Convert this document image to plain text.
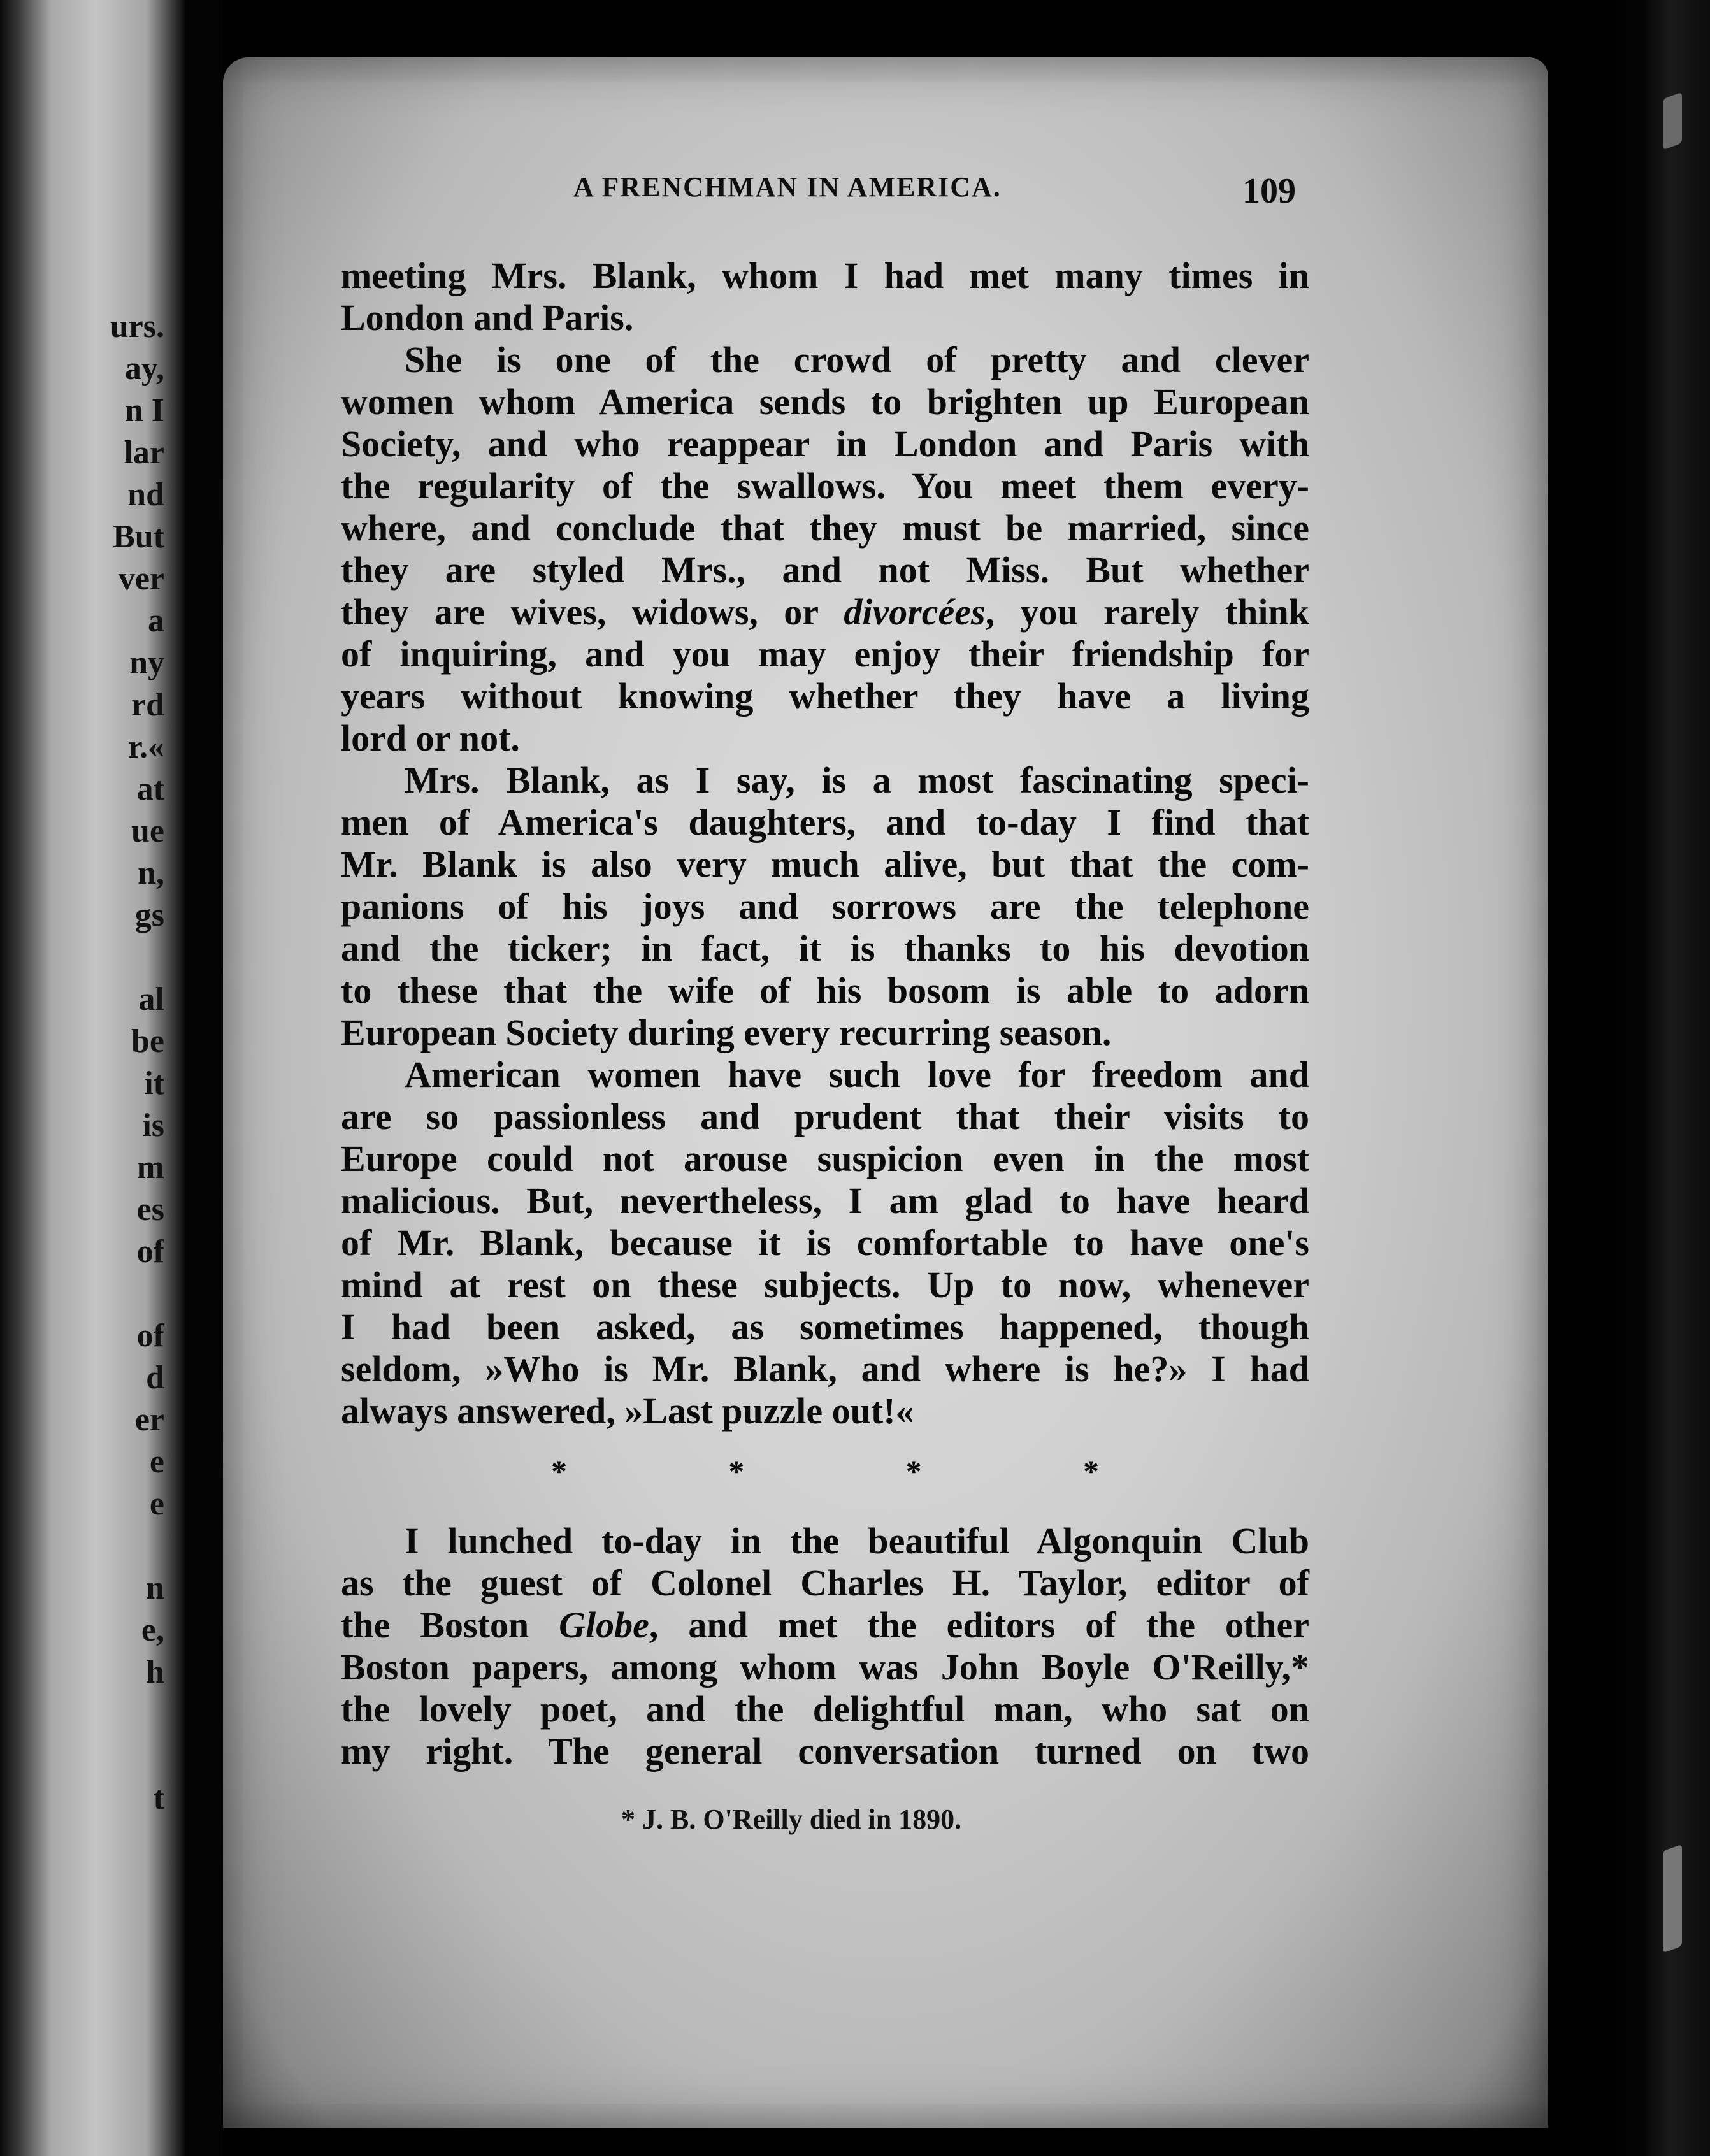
urs.
ay,
n I
lar
nd
But
ver
a
ny
rd
r.«
at
ue
n,
gs
al
be
it
is
m
es
of
of
d
er
e
e
n
e,
h
t
A FRENCHMAN IN AMERICA.	109
meeting Mrs. Blank, whom I had met many times in
London and Paris.
She is one of the crowd of pretty and clever
women whom America sends to brighten up European
Society, and who reappear in London and Paris with
the regularity of the swallows. You meet them every-
where, and conclude that they must be married, since
they are styled Mrs., and not Miss. But whether
they are wives, widows, or divorcées, you rarely think
of inquiring, and you may enjoy their friendship for
years without knowing whether they have a living
lord or not.
Mrs. Blank, as I say, is a most fascinating speci-
men of America's daughters, and to-day I find that
Mr. Blank is also very much alive, but that the com-
panions of his joys and sorrows are the telephone
and the ticker; in fact, it is thanks to his devotion
to these that the wife of his bosom is able to adorn
European Society during every recurring season.
American women have such love for freedom and
are so passionless and prudent that their visits to
Europe could not arouse suspicion even in the most
malicious. But, nevertheless, I am glad to have heard
of Mr. Blank, because it is comfortable to have one's
mind at rest on these subjects. Up to now, whenever
I had been asked, as sometimes happened, though
seldom, »Who is Mr. Blank, and where is he?» I had
always answered, »Last puzzle out!«
*	*	*	*
I lunched to-day in the beautiful Algonquin Club
as the guest of Colonel Charles H. Taylor, editor of
the Boston Globe, and met the editors of the other
Boston papers, among whom was John Boyle O'Reilly,*
the lovely poet, and the delightful man, who sat on
my right. The general conversation turned on two
* J. B. O'Reilly died in 1890.
